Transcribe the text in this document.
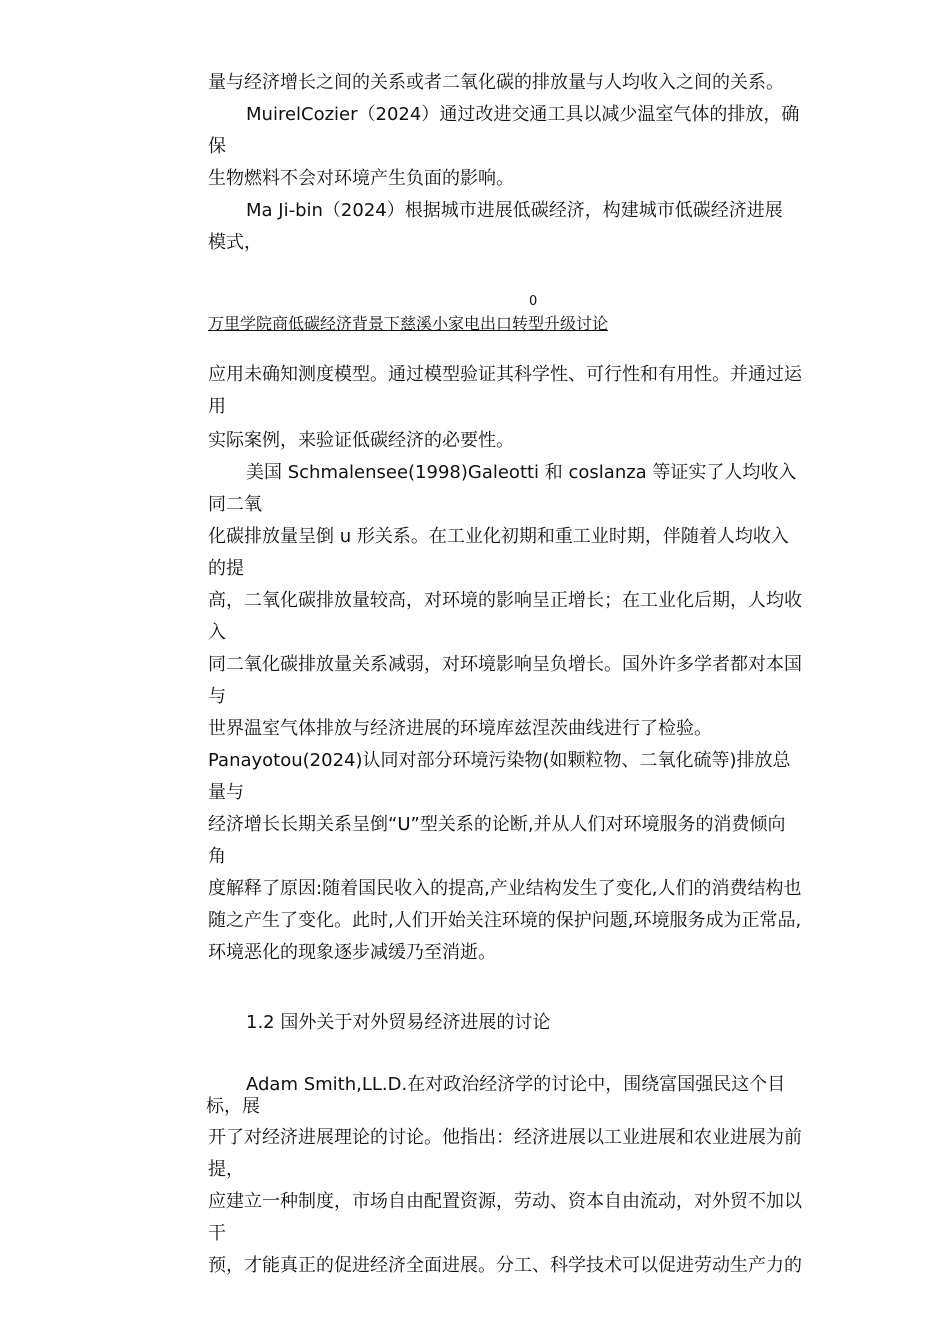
量与经济增长之间的关系或者二氧化碳的排放量与人均收入之间的关系。
MuirelCozier（2024）通过改进交通工具以减少温室气体的排放，确
保
生物燃料不会对环境产生负面的影响。
Ma Ji-bin（2024）根据城市进展低碳经济，构建城市低碳经济进展
模式，
0
万里学院商低碳经济背景下慈溪小家电出口转型升级讨论
应用未确知测度模型。通过模型验证其科学性、可行性和有用性。并通过运
用
实际案例，来验证低碳经济的必要性。
美国 Schmalensee(1998)Galeotti 和 coslanza 等证实了人均收入
同二氧
化碳排放量呈倒 u 形关系。在工业化初期和重工业时期，伴随着人均收入
的提
高，二氧化碳排放量较高，对环境的影响呈正增长；在工业化后期，人均收
入
同二氧化碳排放量关系减弱，对环境影响呈负增长。国外许多学者都对本国
与
世界温室气体排放与经济进展的环境库兹涅茨曲线进行了检验。
Panayotou(2024)认同对部分环境污染物(如颗粒物、二氧化硫等)排放总
量与
经济增长长期关系呈倒“U”型关系的论断,并从人们对环境服务的消费倾向
角
度解释了原因:随着国民收入的提高,产业结构发生了变化,人们的消费结构也
随之产生了变化。此时,人们开始关注环境的保护问题,环境服务成为正常品,
环境恶化的现象逐步减缓乃至消逝。
1.2 国外关于对外贸易经济进展的讨论
Adam Smith,LL.D.在对政治经济学的讨论中，围绕富国强民这个目
标，展
开了对经济进展理论的讨论。他指出：经济进展以工业进展和农业进展为前
提，
应建立一种制度，市场自由配置资源，劳动、资本自由流动，对外贸不加以
干
预，才能真正的促进经济全面进展。分工、科学技术可以促进劳动生产力的
